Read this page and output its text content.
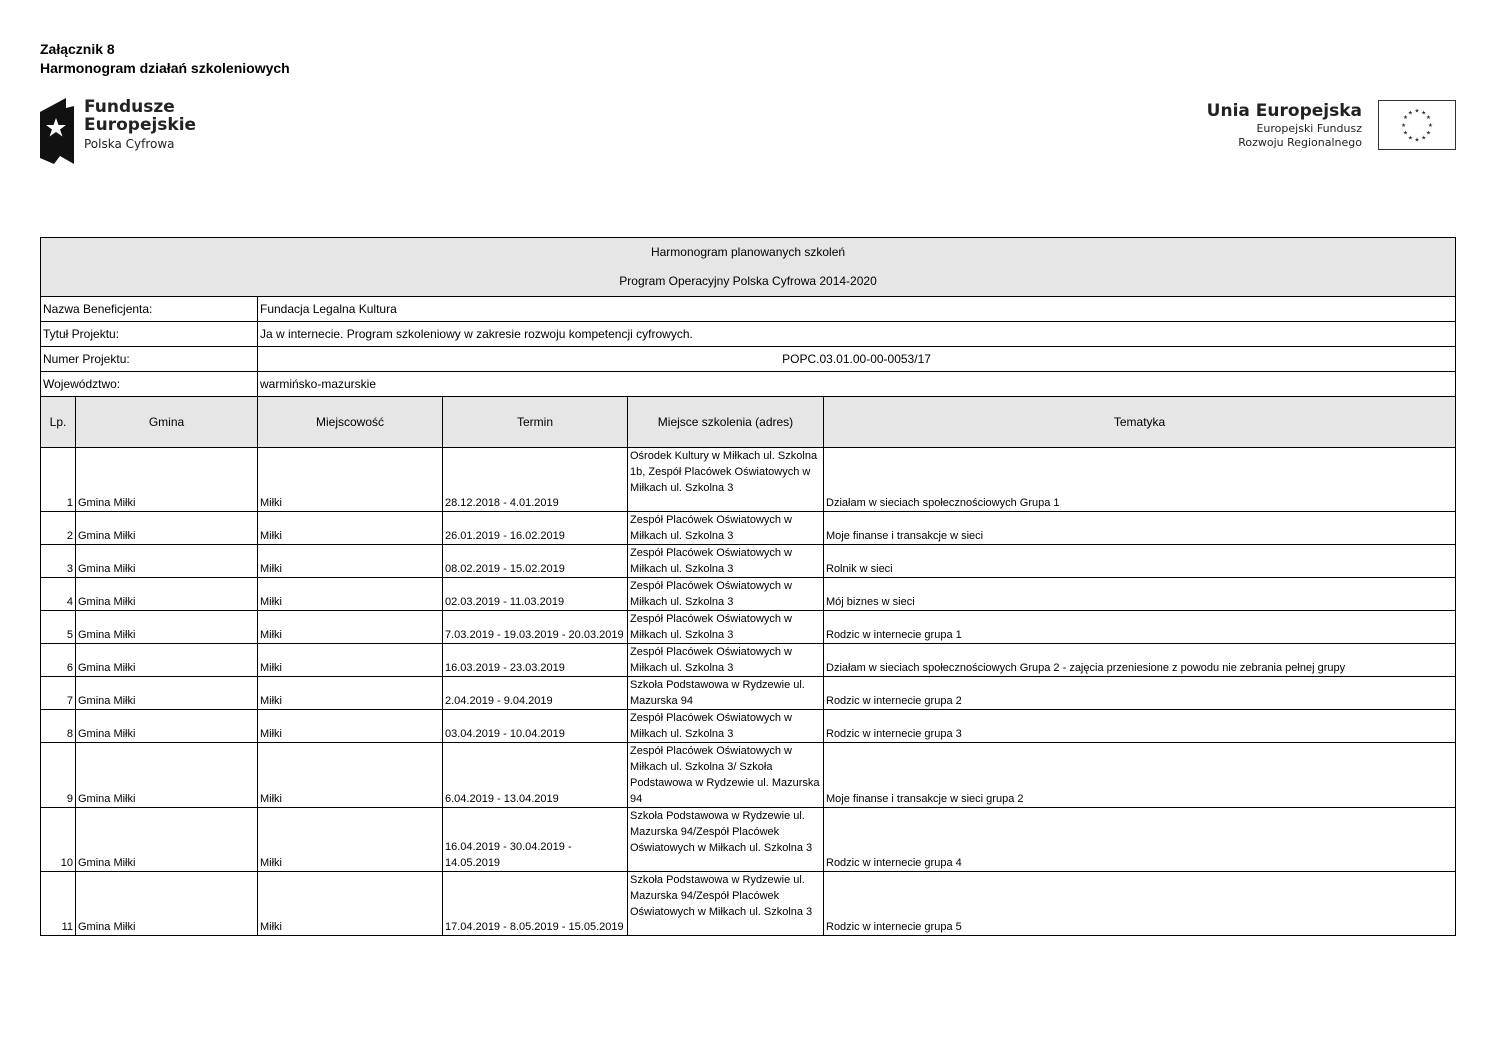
Załącznik 8
Harmonogram działań szkoleniowych
Fundusze
Europejskie
Polska Cyfrowa
Unia Europejska
Europejski Fundusz
Rozwoju Regionalnego
★ ★
★
★
★
★
★
★
★
★
★
★
Harmonogram planowanych szkoleń
Program Operacyjny Polska Cyfrowa 2014-2020					

Nazwa Beneficjenta:		Fundacja Legalna Kultura			
Tytuł Projektu:		Ja w internecie. Program szkoleniowy w zakresie rozwoju kompetencji cyfrowych.			
Numer Projektu:		POPC.03.01.00-00-0053/17			
Województwo:		warmińsko-mazurskie			
Lp.	Gmina	Miejscowość	Termin	Miejsce szkolenia (adres)	Tematyka
1	Gmina Miłki	Miłki	28.12.2018 - 4.01.2019	Ośrodek Kultury w Miłkach ul. Szkolna 1b, Zespół Placówek Oświatowych w Miłkach ul. Szkolna 3	Działam w sieciach społecznościowych Grupa 1
2	Gmina Miłki	Miłki	26.01.2019 - 16.02.2019	Zespół Placówek Oświatowych w Miłkach ul. Szkolna 3	Moje finanse i transakcje w sieci
3	Gmina Miłki	Miłki	08.02.2019 - 15.02.2019	Zespół Placówek Oświatowych w Miłkach ul. Szkolna 3	Rolnik w sieci
4	Gmina Miłki	Miłki	02.03.2019 - 11.03.2019	Zespół Placówek Oświatowych w Miłkach ul. Szkolna 3	Mój biznes w sieci
5	Gmina Miłki	Miłki	7.03.2019 - 19.03.2019 - 20.03.2019	Zespół Placówek Oświatowych w Miłkach ul. Szkolna 3	Rodzic w internecie grupa 1
6	Gmina Miłki	Miłki	16.03.2019 - 23.03.2019	Zespół Placówek Oświatowych w Miłkach ul. Szkolna 3	Działam w sieciach społecznościowych Grupa 2 - zajęcia przeniesione z powodu nie zebrania pełnej grupy
7	Gmina Miłki	Miłki	2.04.2019 - 9.04.2019	Szkoła Podstawowa w Rydzewie ul. Mazurska 94	Rodzic w internecie grupa 2
8	Gmina Miłki	Miłki	03.04.2019 - 10.04.2019	Zespół Placówek Oświatowych w Miłkach ul. Szkolna 3	Rodzic w internecie grupa 3
9	Gmina Miłki	Miłki	6.04.2019 - 13.04.2019	Zespół Placówek Oświatowych w Miłkach ul. Szkolna 3/ Szkoła Podstawowa w Rydzewie ul. Mazurska 94	Moje finanse i transakcje w sieci grupa 2
10	Gmina Miłki	Miłki	16.04.2019 - 30.04.2019 - 14.05.2019	Szkoła Podstawowa w Rydzewie ul. Mazurska 94/Zespół Placówek Oświatowych w Miłkach ul. Szkolna 3	Rodzic w internecie grupa 4
11	Gmina Miłki	Miłki	17.04.2019 - 8.05.2019 - 15.05.2019	Szkoła Podstawowa w Rydzewie ul. Mazurska 94/Zespół Placówek Oświatowych w Miłkach ul. Szkolna 3	Rodzic w internecie grupa 5
